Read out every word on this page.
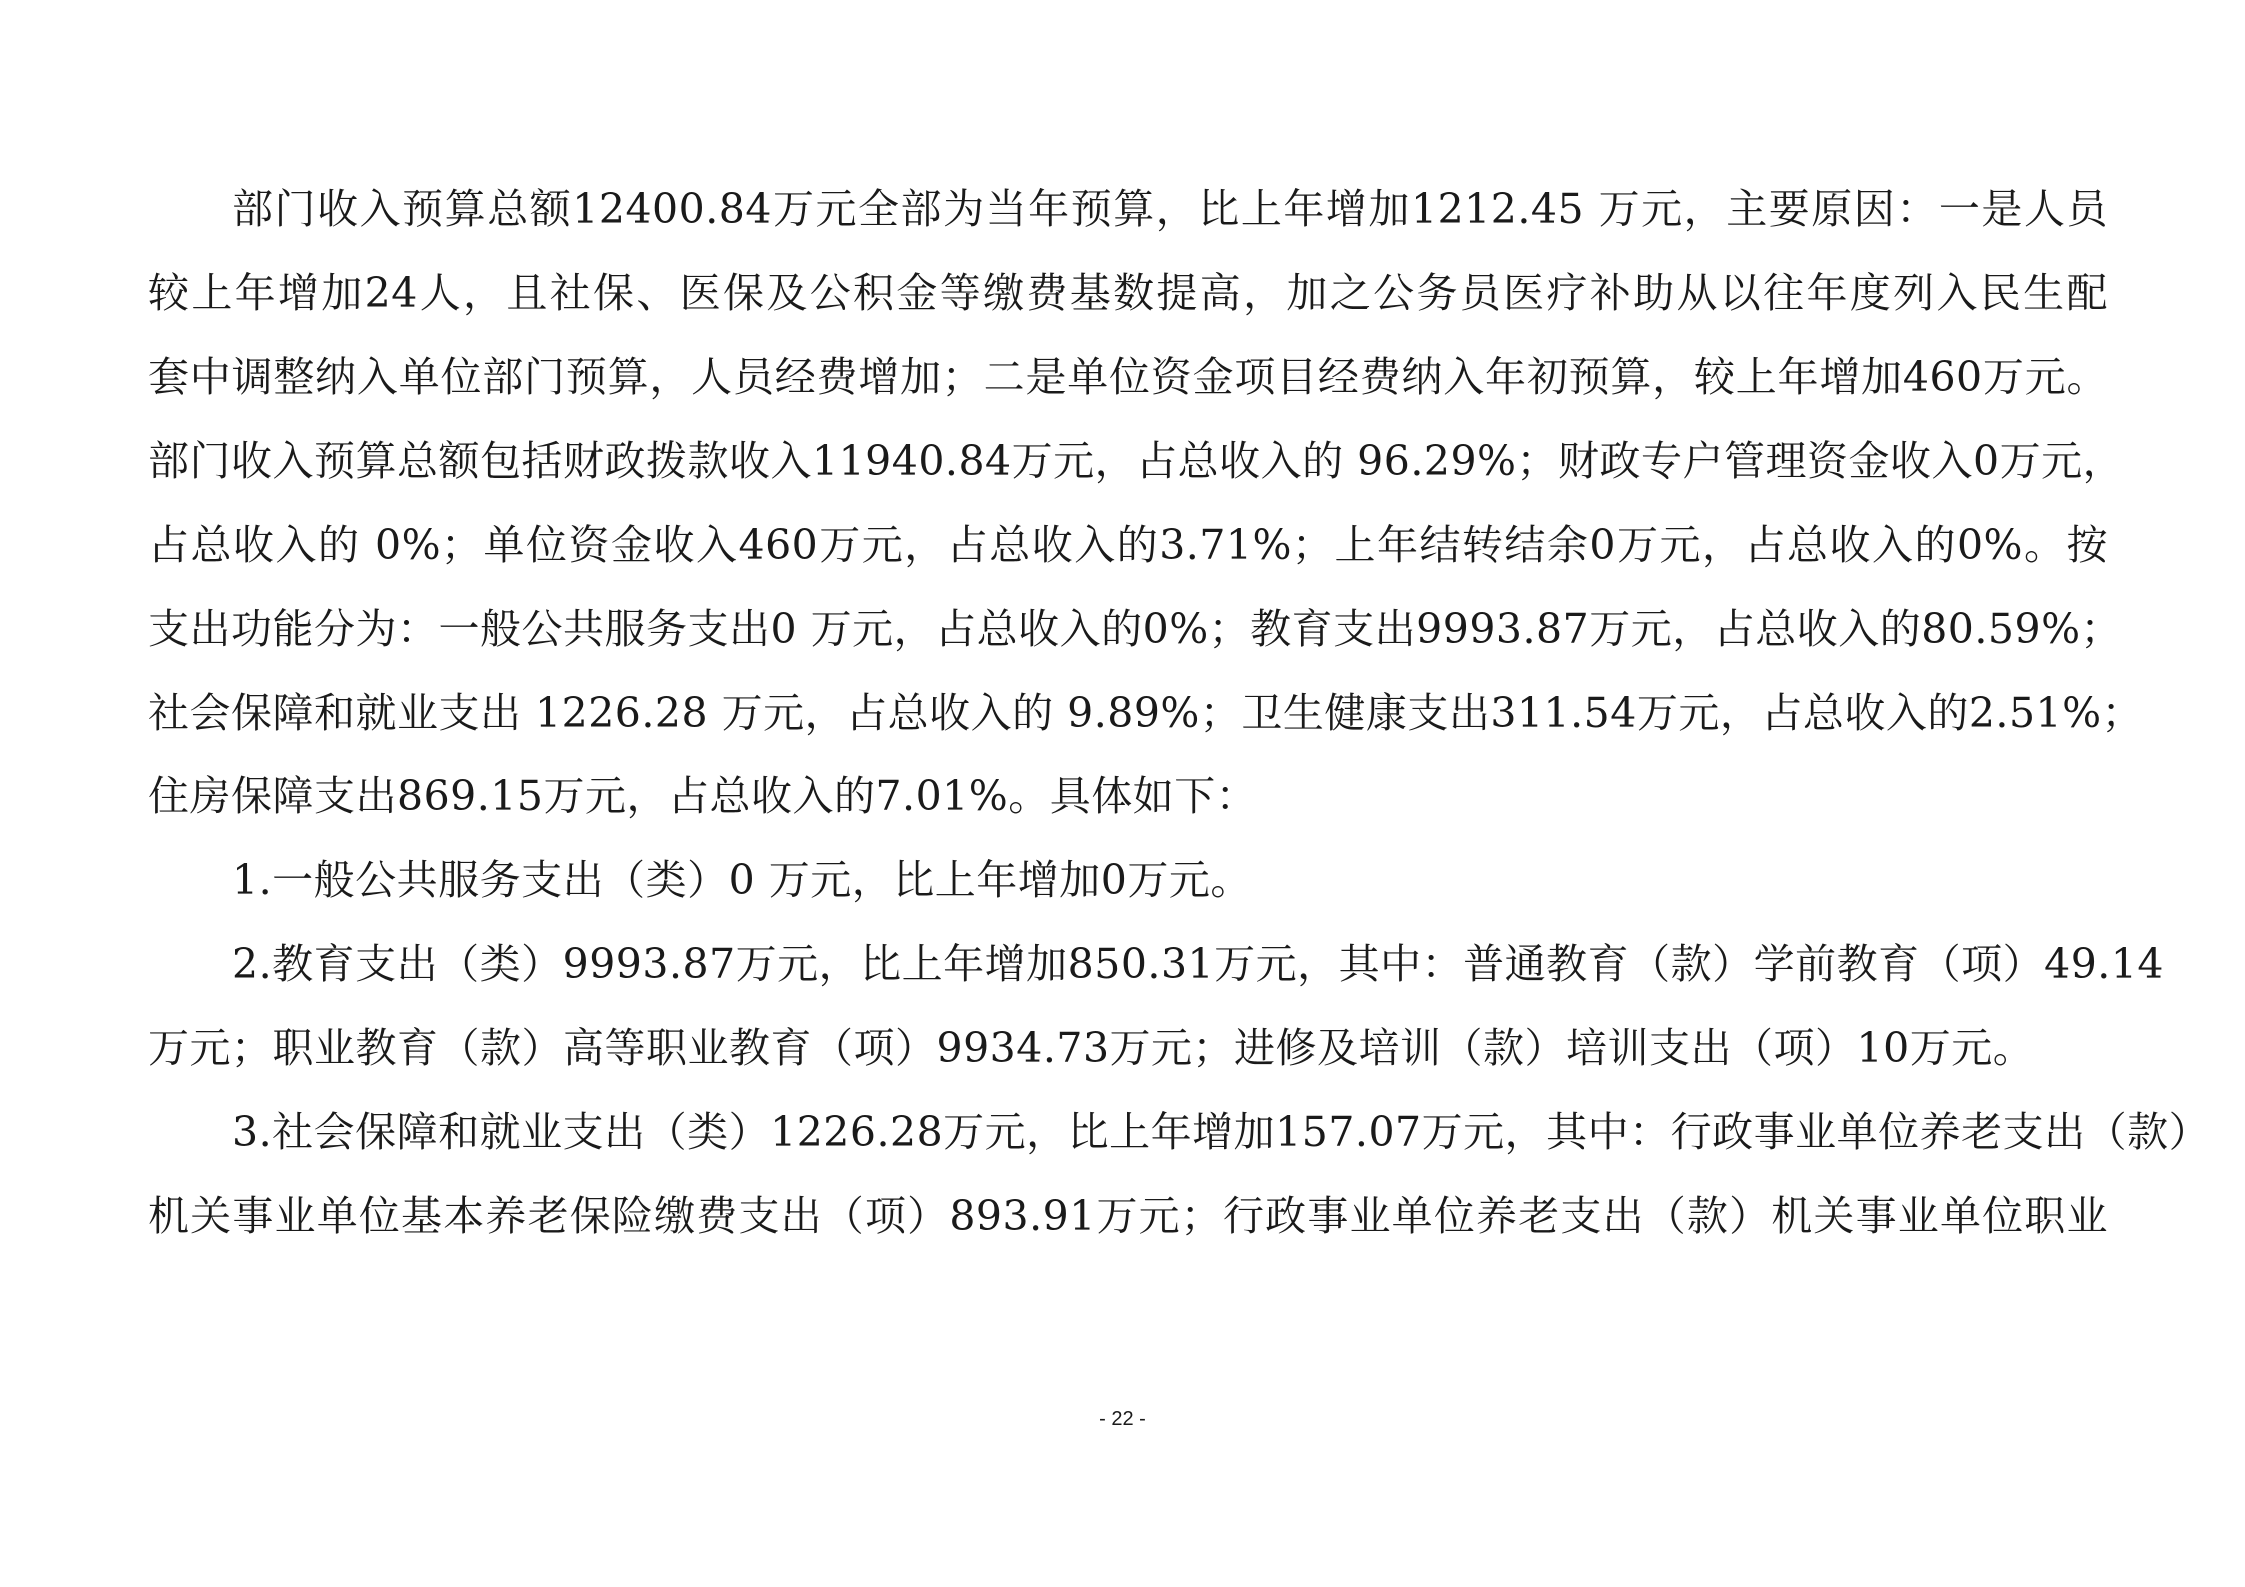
部门收入预算总额12400.84万元全部为当年预算，比上年增加1212.45 万元，主要原因：一是人员
较上年增加24人，且社保、医保及公积金等缴费基数提高，加之公务员医疗补助从以往年度列入民生配
套中调整纳入单位部门预算，人员经费增加；二是单位资金项目经费纳入年初预算，较上年增加460万元。
部门收入预算总额包括财政拨款收入11940.84万元，占总收入的 96.29%；财政专户管理资金收入0万元，
占总收入的 0%；单位资金收入460万元，占总收入的3.71%；上年结转结余0万元，占总收入的0%。按
支出功能分为：一般公共服务支出0 万元，占总收入的0%；教育支出9993.87万元，占总收入的80.59%；
社会保障和就业支出 1226.28 万元，占总收入的 9.89%；卫生健康支出311.54万元，占总收入的2.51%；
住房保障支出869.15万元，占总收入的7.01%。具体如下：
1.一般公共服务支出（类）0 万元，比上年增加0万元。
2.教育支出（类）9993.87万元，比上年增加850.31万元，其中：普通教育（款）学前教育（项）49.14
万元；职业教育（款）高等职业教育（项）9934.73万元；进修及培训（款）培训支出（项）10万元。
3.社会保障和就业支出（类）1226.28万元，比上年增加157.07万元，其中：行政事业单位养老支出（款）
机关事业单位基本养老保险缴费支出（项）893.91万元；行政事业单位养老支出（款）机关事业单位职业
- 22 -
